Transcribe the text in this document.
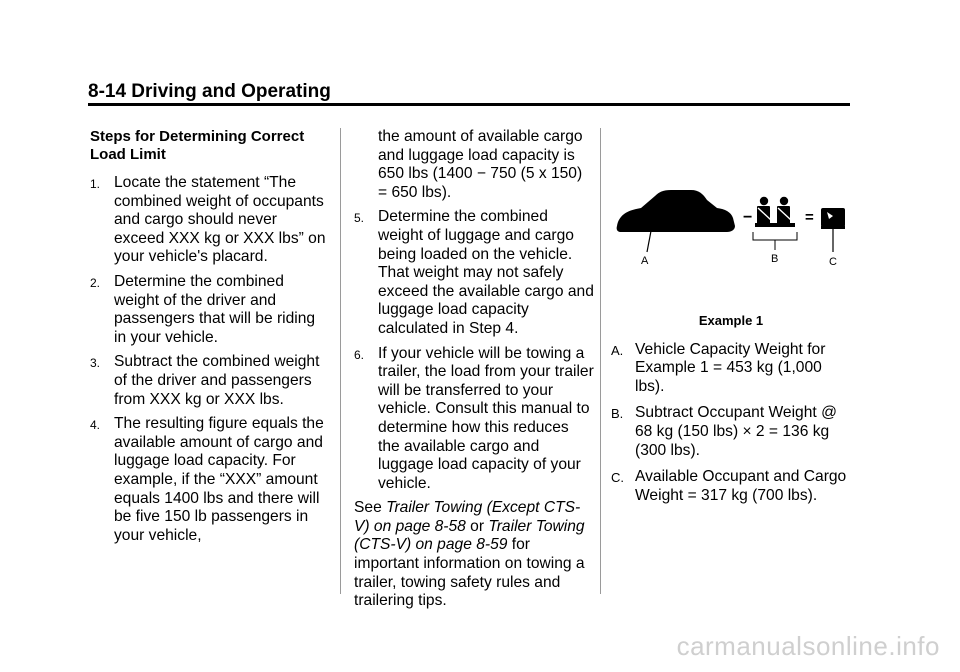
8-14 Driving and Operating
Steps for Determining Correct Load Limit
1. Locate the statement “The combined weight of occupants and cargo should never exceed XXX kg or XXX lbs” on your vehicle's placard.
2. Determine the combined weight of the driver and passengers that will be riding in your vehicle.
3. Subtract the combined weight of the driver and passengers from XXX kg or XXX lbs.
4. The resulting figure equals the available amount of cargo and luggage load capacity. For example, if the “XXX” amount equals 1400 lbs and there will be five 150 lb passengers in your vehicle,
the amount of available cargo and luggage load capacity is 650 lbs (1400 − 750 (5 x 150) = 650 lbs).
5. Determine the combined weight of luggage and cargo being loaded on the vehicle. That weight may not safely exceed the available cargo and luggage load capacity calculated in Step 4.
6. If your vehicle will be towing a trailer, the load from your trailer will be transferred to your vehicle. Consult this manual to determine how this reduces the available cargo and luggage load capacity of your vehicle.

See Trailer Towing (Except CTS-V) on page 8-58 or Trailer Towing (CTS-V) on page 8-59 for important information on towing a trailer, towing safety rules and trailering tips.

A
−
B
=
C
Example 1
A. Vehicle Capacity Weight for Example 1 = 453 kg (1,000 lbs).
B. Subtract Occupant Weight @ 68 kg (150 lbs) × 2 = 136 kg (300 lbs).
C. Available Occupant and Cargo Weight = 317 kg (700 lbs).
carmanualsonline.info
